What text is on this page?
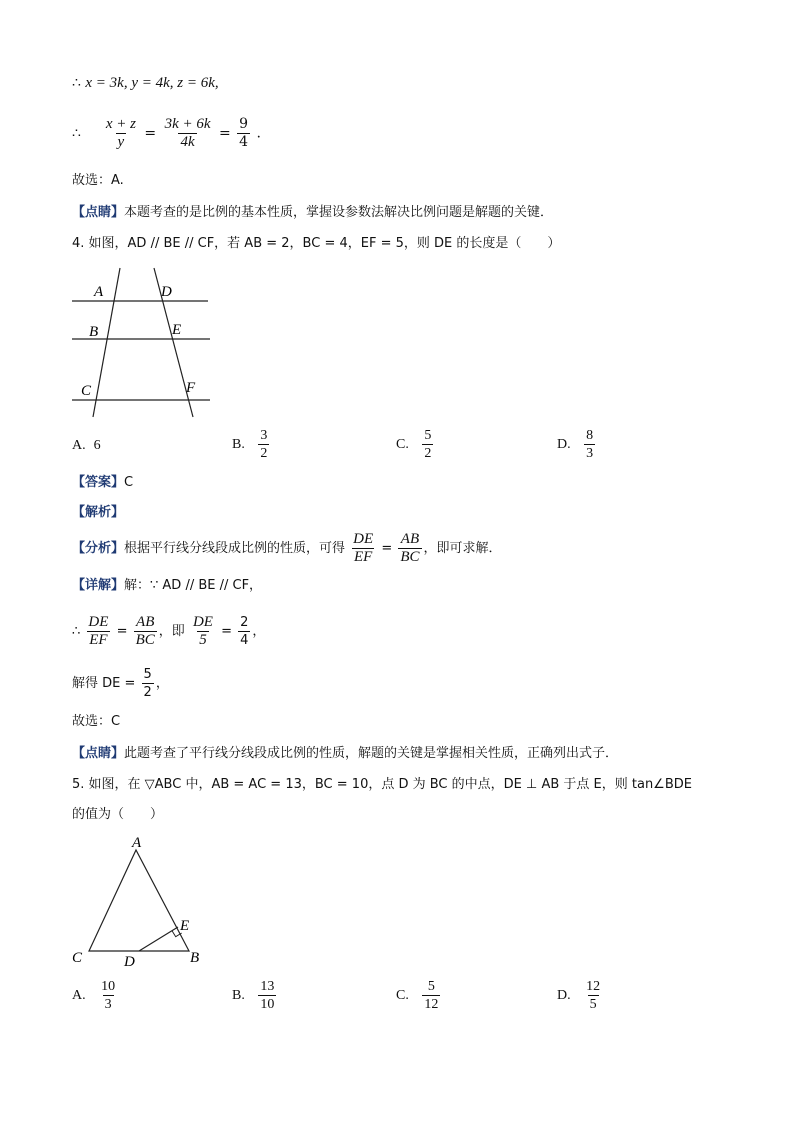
∴ x = 3k, y = 4k, z = 6k,
∴ $\frac{x + z}{y} = \frac{3k + 6k}{4k} = \frac{9}{4}$ .
故选：A.
【点睛】本题考查的是比例的基本性质，掌握设参数法解决比例问题是解题的关键．
4. 如图，AD // BE // CF，若 AB = 2，BC = 4，EF = 5，则 DE 的长度是（　　）
A	D
B	E
C	F
A. 6	B. $\frac{3}{2}$	C. $\frac{5}{2}$	D. $\frac{8}{3}$
【答案】C
【解析】
【分析】根据平行线分线段成比例的性质，可得 $\frac{DE}{EF} = \frac{AB}{BC}$ ，即可求解．
【详解】解：∵ AD // BE // CF，
∴ $\frac{DE}{EF} = \frac{AB}{BC}$ ，即 $\frac{DE}{5} = \frac{2}{4}$ ，
解得 DE = $\frac{5}{2}$ ，
故选：C
【点睛】此题考查了平行线分线段成比例的性质，解题的关键是掌握相关性质，正确列出式子．
5. 如图，在 ▽ABC 中，AB = AC = 13，BC = 10，点 D 为 BC 的中点，DE ⊥ AB 于点 E，则 tan∠BDE
的值为（　　）
A
E
C	D	B
A. $\frac{10}{3}$	B. $\frac{13}{10}$	C. $\frac{5}{12}$	D. $\frac{12}{5}$
